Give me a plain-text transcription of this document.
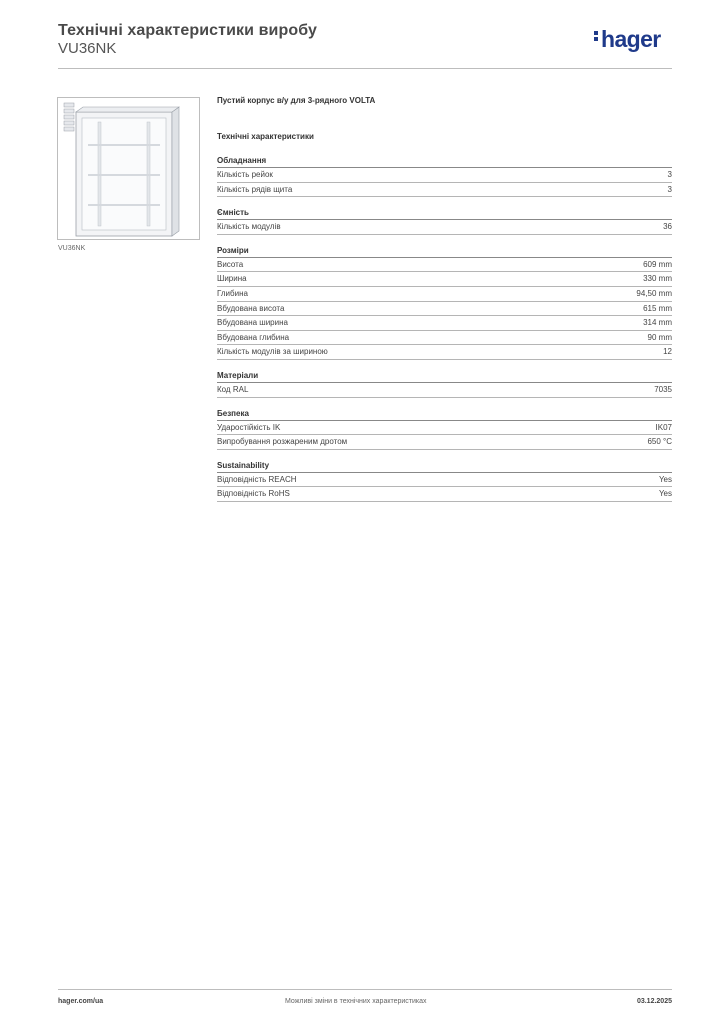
Технічні характеристики виробу
VU36NK	hager
VU36NK
Пустий корпус в/у для 3-рядного VOLTA
Технічні характеристики
Обладнання
Кількість рейок	3
Кількість рядів щита	3
Ємність
Кількість модулів	36
Розміри
Висота	609 mm
Ширина	330 mm
Глибина	94,50 mm
Вбудована висота	615 mm
Вбудована ширина	314 mm
Вбудована глибина	90 mm
Кількість модулів за шириною	12
Матеріали
Код RAL	7035
Безпека
Ударостійкість IK	IK07
Випробування розжареним дротом	650 °C
Sustainability
Відповідність REACH	Yes
Відповідність RoHS	Yes
hager.com/ua	Можливі зміни в технічних характеристиках	03.12.2025
